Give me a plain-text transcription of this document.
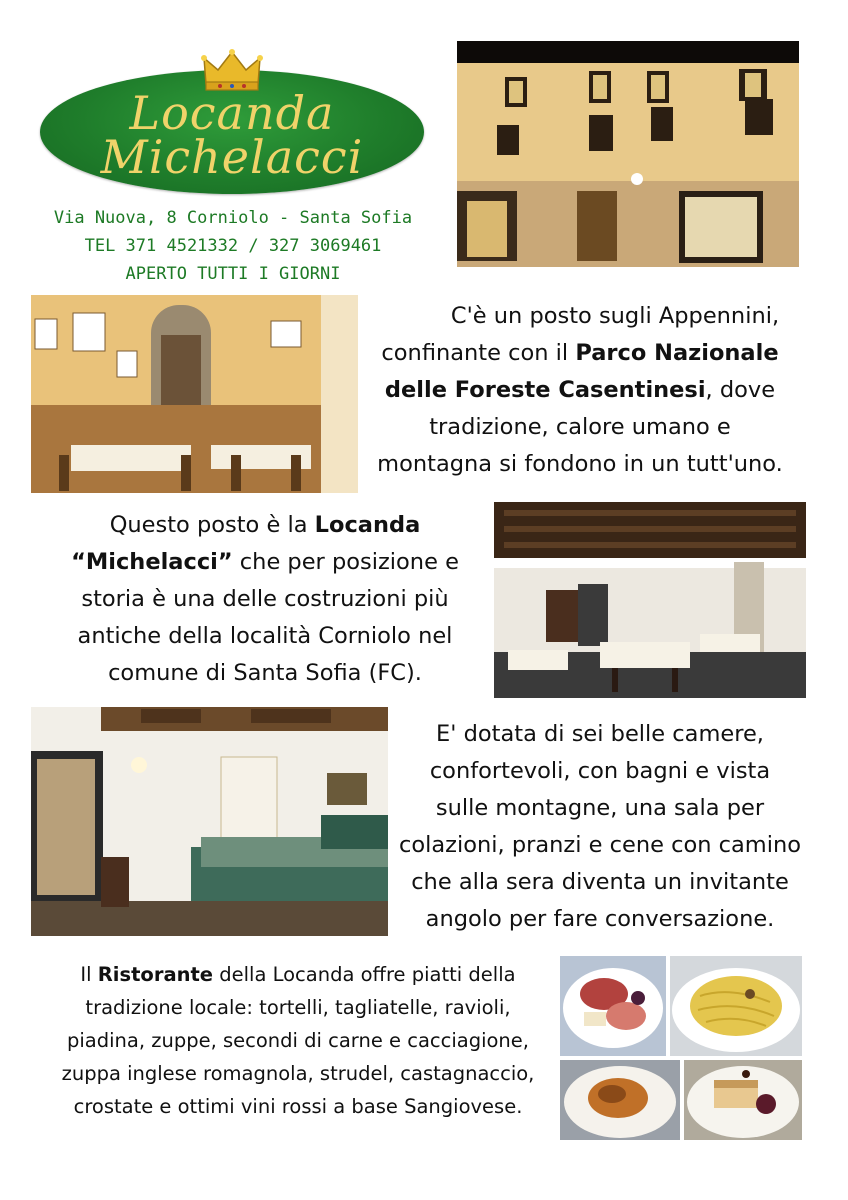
Locanda
Michelacci
Via Nuova, 8 Corniolo - Santa Sofia
TEL 371 4521332 / 327 3069461
APERTO TUTTI I GIORNI
C'è un posto sugli Appennini,
confinante con il Parco Nazionale
delle Foreste Casentinesi, dove
tradizione, calore umano e
montagna si fondono in un tutt'uno.
Questo posto è la Locanda
“Michelacci” che per posizione e
storia è una delle costruzioni più
antiche della località Corniolo nel
comune di Santa Sofia (FC).
E' dotata di sei belle camere,
confortevoli, con bagni e vista
sulle montagne, una sala per
colazioni, pranzi e cene con camino
che alla sera diventa un invitante
angolo per fare conversazione.
Il Ristorante della Locanda offre piatti della
tradizione locale: tortelli, tagliatelle, ravioli,
piadina, zuppe, secondi di carne e cacciagione,
zuppa inglese romagnola, strudel, castagnaccio,
crostate e ottimi vini rossi a base Sangiovese.
